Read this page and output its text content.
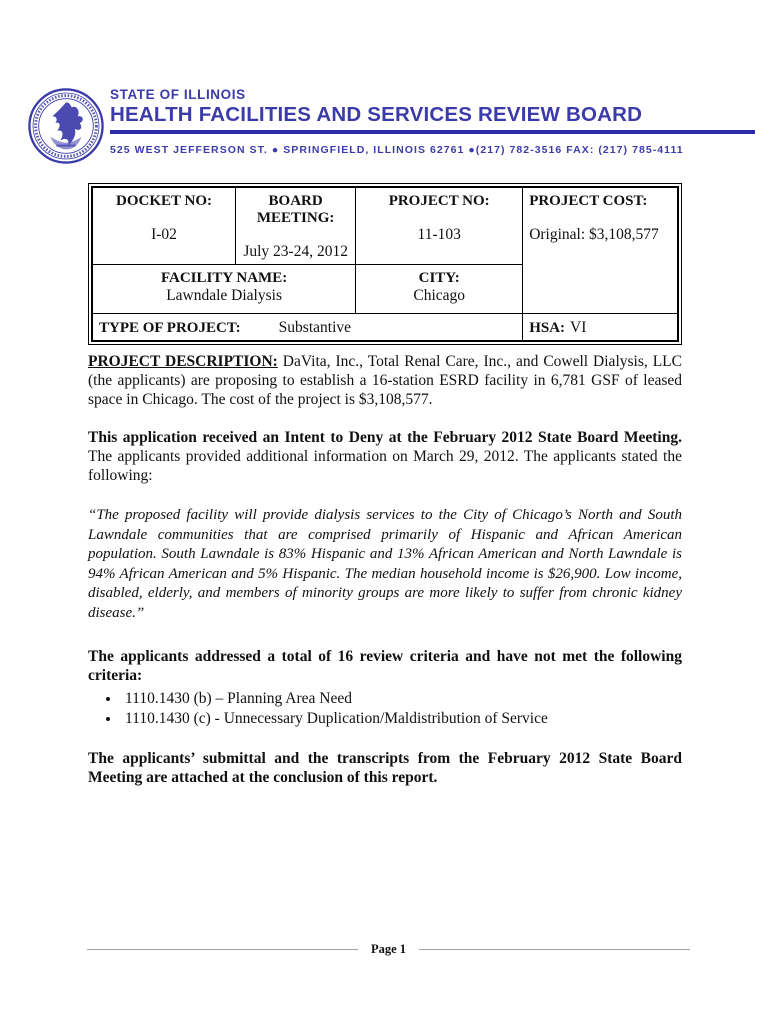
STATE OF ILLINOIS
HEALTH FACILITIES AND SERVICES REVIEW BOARD
525 WEST JEFFERSON ST. ● SPRINGFIELD, ILLINOIS 62761 ●(217) 782-3516 FAX: (217) 785-4111
DOCKET NO:
I-02

BOARD MEETING:
July 23-24, 2012

PROJECT NO:
11-103

PROJECT COST:
Original: $3,108,577

FACILITY NAME:
Lawndale Dialysis

CITY:
Chicago

TYPE OF PROJECT: Substantive			HSA: VI

PROJECT DESCRIPTION: DaVita, Inc., Total Renal Care, Inc., and Cowell Dialysis, LLC (the applicants) are proposing to establish a 16-station ESRD facility in 6,781 GSF of leased space in Chicago. The cost of the project is $3,108,577.

This application received an Intent to Deny at the February 2012 State Board Meeting. The applicants provided additional information on March 29, 2012. The applicants stated the following:

“The proposed facility will provide dialysis services to the City of Chicago’s North and South Lawndale communities that are comprised primarily of Hispanic and African American population. South Lawndale is 83% Hispanic and 13% African American and North Lawndale is 94% African American and 5% Hispanic. The median household income is $26,900. Low income, disabled, elderly, and members of minority groups are more likely to suffer from chronic kidney disease.”

The applicants addressed a total of 16 review criteria and have not met the following criteria:

• 1110.1430 (b) – Planning Area Need
• 1110.1430 (c) - Unnecessary Duplication/Maldistribution of Service

The applicants’ submittal and the transcripts from the February 2012 State Board Meeting are attached at the conclusion of this report.

Page 1
